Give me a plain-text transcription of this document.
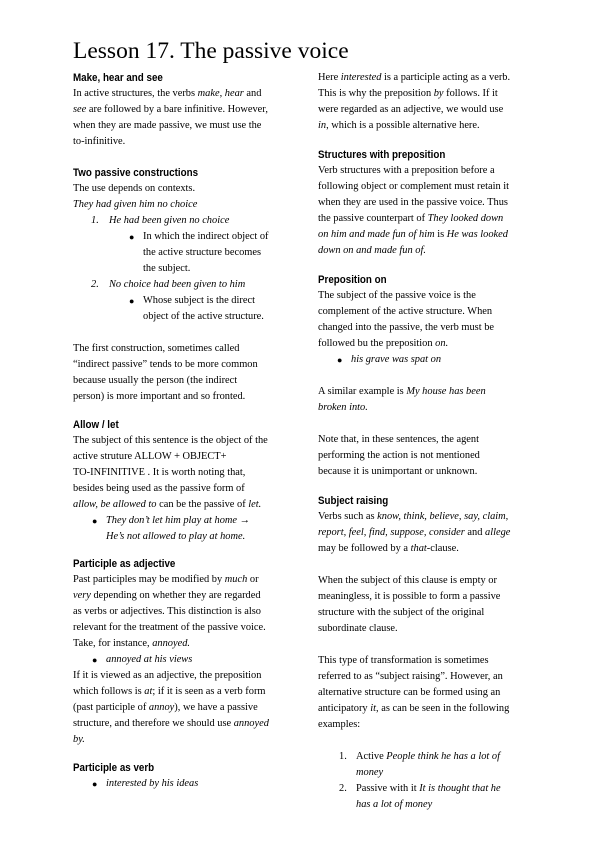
Lesson 17. The passive voice
Make, hear and see

In active structures, the verbs make, hear and
see are followed by a bare infinitive. However,
when they are made passive, we must use the
to-infinitive.

Two passive constructions
The use depends on contexts.
They had given him no choice
1. He had been given no choice
● In which the indirect object of
the active structure becomes
the subject.
2. No choice had been given to him
● Whose subject is the direct
object of the active structure.

The first construction, sometimes called
“indirect passive” tends to be more common
because usually the person (the indirect
person) is more important and so fronted.

Allow / let

The subject of this sentence is the object of the
active struture ALLOW + OBJECT+
TO-INFINITIVE . It is worth noting that,
besides being used as the passive form of
allow, be allowed to can be the passive of let.

● They don’t let him play at home →
He’s not allowed to play at home.
Participle as adjective

Past participles may be modified by much or
very depending on whether they are regarded
as verbs or adjectives. This distinction is also
relevant for the treatment of the passive voice.
Take, for instance, annoyed.

● annoyed at his views

If it is viewed as an adjective, the preposition
which follows is at; if it is seen as a verb form
(past participle of annoy), we have a passive
structure, and therefore we should use annoyed
by.

Participle as verb
● interested by his ideas

Here interested is a participle acting as a verb.
This is why the preposition by follows. If it
were regarded as an adjective, we would use
in, which is a possible alternative here.

Structures with preposition

Verb structures with a preposition before a
following object or complement must retain it
when they are used in the passive voice. Thus
the passive counterpart of They looked down
on him and made fun of him is He was looked
down on and made fun of.

Preposition on

The subject of the passive voice is the
complement of the active structure. When
changed into the passive, the verb must be
followed bu the preposition on.

● his grave was spat on

A similar example is My house has been
broken into.

Note that, in these sentences, the agent
performing the action is not mentioned
because it is unimportant or unknown.

Subject raising

Verbs such as know, think, believe, say, claim,
report, feel, find, suppose, consider and allege
may be followed by a that-clause.

When the subject of this clause is empty or
meaningless, it is possible to form a passive
structure with the subject of the original
subordinate clause.

This type of transformation is sometimes
referred to as “subject raising”. However, an
alternative structure can be formed using an
anticipatory it, as can be seen in the following
examples:

1. Active People think he has a lot of
money
2. Passive with it It is thought that he
has a lot of money
